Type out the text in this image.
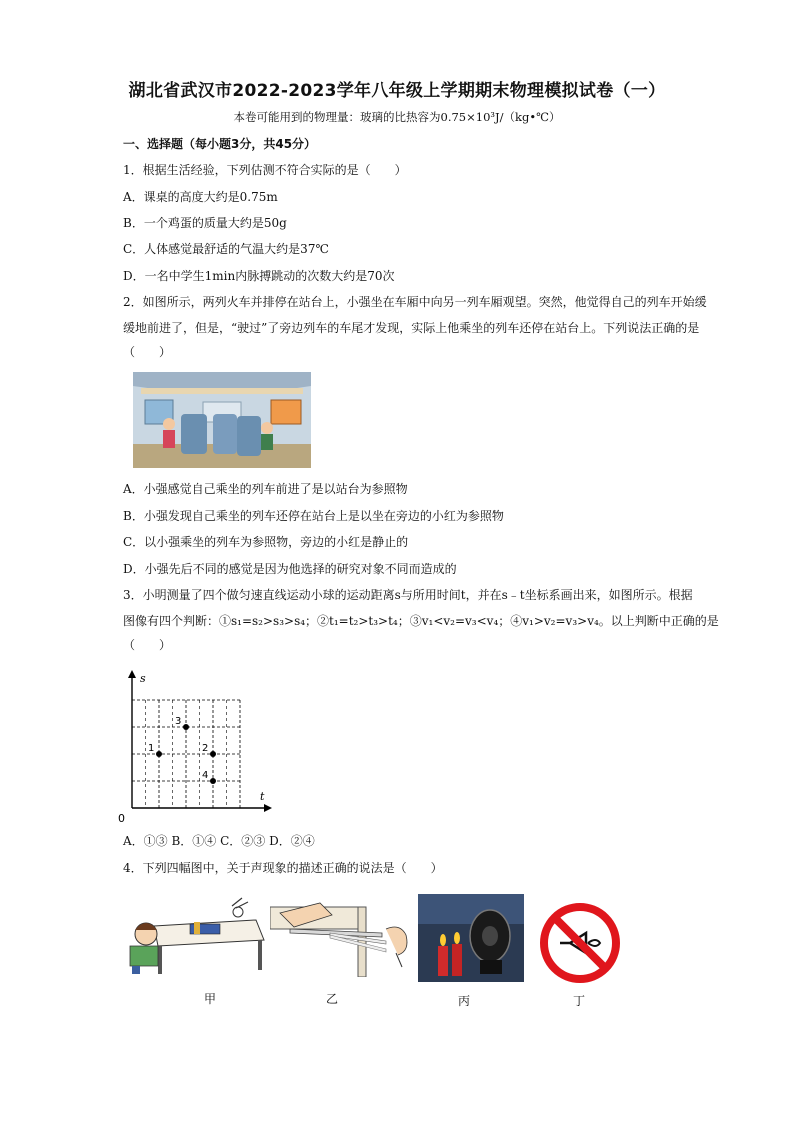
湖北省武汉市2022-2023学年八年级上学期期末物理模拟试卷（一）
本卷可能用到的物理量：玻璃的比热容为0.75×10³J/（kg•℃）
一、选择题（每小题3分，共45分）
1．根据生活经验，下列估测不符合实际的是（　　）
A．课桌的高度大约是0.75m
B．一个鸡蛋的质量大约是50g
C．人体感觉最舒适的气温大约是37℃
D．一名中学生1min内脉搏跳动的次数大约是70次
2．如图所示，两列火车并排停在站台上，小强坐在车厢中向另一列车厢观望。突然，他觉得自己的列车开始缓
缓地前进了，但是，“驶过”了旁边列车的车尾才发现，实际上他乘坐的列车还停在站台上。下列说法正确的是
（　　）
A．小强感觉自己乘坐的列车前进了是以站台为参照物
B．小强发现自己乘坐的列车还停在站台上是以坐在旁边的小红为参照物
C．以小强乘坐的列车为参照物，旁边的小红是静止的
D．小强先后不同的感觉是因为他选择的研究对象不同而造成的
3．小明测量了四个做匀速直线运动小球的运动距离s与所用时间t，并在s﹣t坐标系画出来，如图所示。根据
图像有四个判断：①s₁=s₂>s₃>s₄；②t₁=t₂>t₃>t₄；③v₁<v₂=v₃<v₄；④v₁>v₂=v₃>v₄。以上判断中正确的是
（　　）
s
t
0
1	2
3
4
A．①③ B．①④ C．②③ D．②④
4．下列四幅图中，关于声现象的描述正确的说法是（　　）
甲	乙	丙	丁
